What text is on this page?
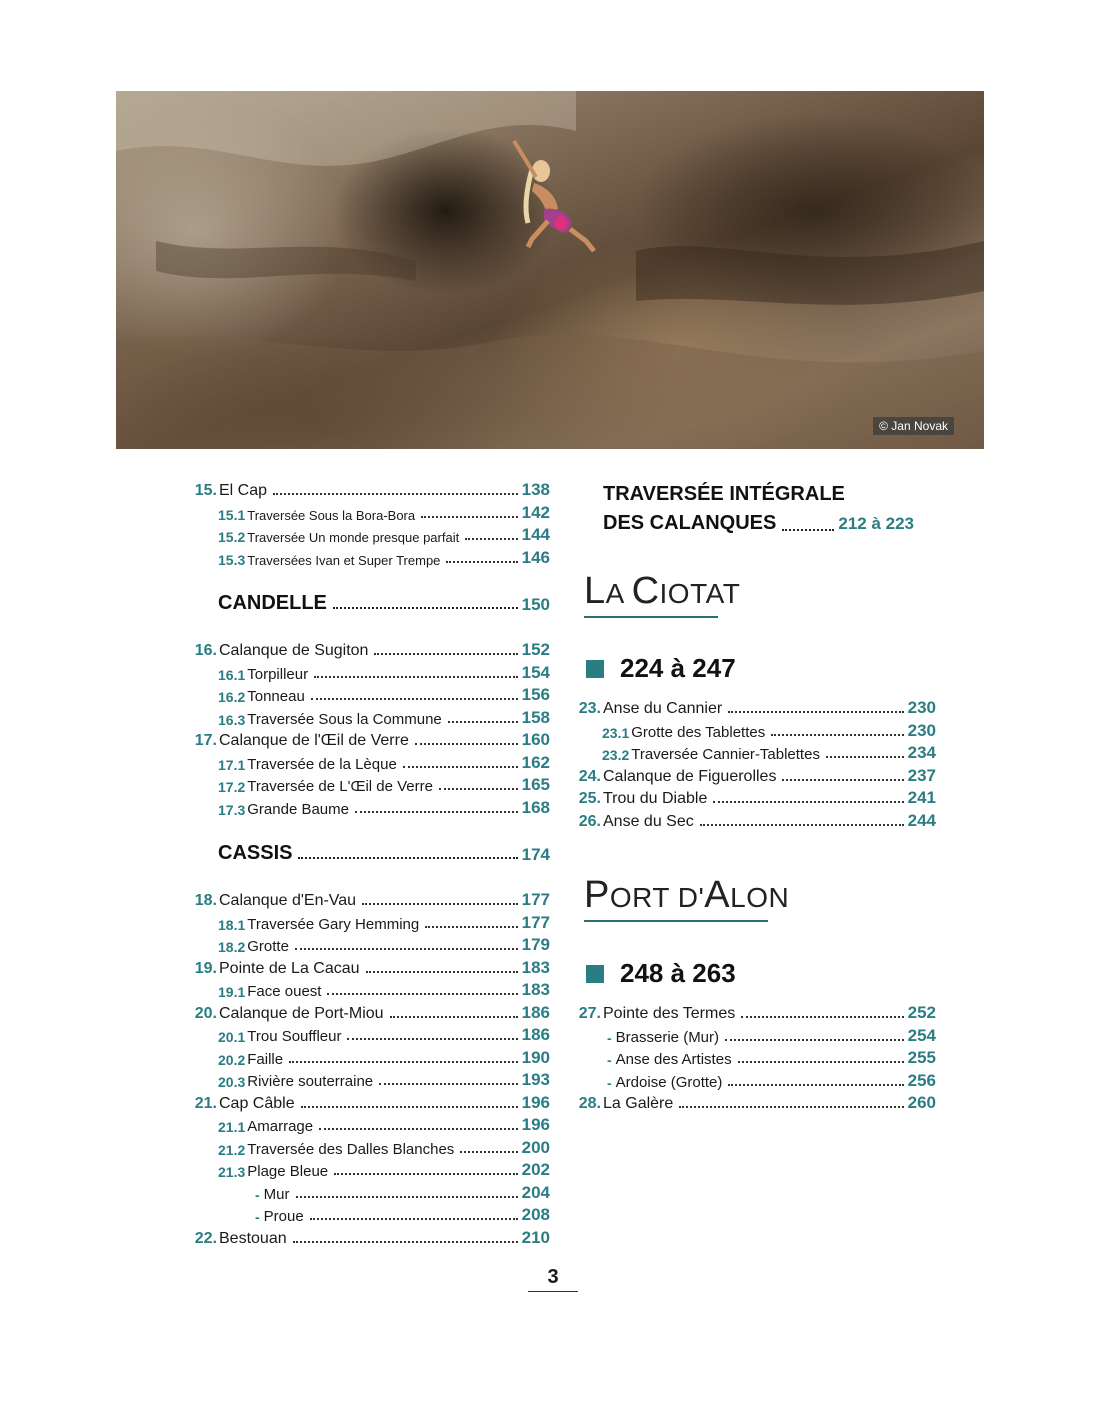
© Jan Novak
15. El Cap	138
15.1 Traversée Sous la Bora-Bora	142
15.2 Traversée Un monde presque parfait	144
15.3 Traversées Ivan et Super Trempe	146
CANDELLE	150
16. Calanque de Sugiton	152
16.1 Torpilleur	154
16.2 Tonneau	156
16.3 Traversée Sous la Commune	158
17. Calanque de l'Œil de Verre	160
17.1 Traversée de la Lèque	162
17.2 Traversée de L'Œil de Verre	165
17.3 Grande Baume	168
CASSIS	174
18. Calanque d'En-Vau	177
18.1 Traversée Gary Hemming	177
18.2 Grotte	179
19. Pointe de La Cacau	183
19.1 Face ouest	183
20. Calanque de Port-Miou	186
20.1 Trou Souffleur	186
20.2 Faille	190
20.3 Rivière souterraine	193
21. Cap Câble	196
21.1 Amarrage	196
21.2 Traversée des Dalles Blanches	200
21.3 Plage Bleue	202
- Mur	204
- Proue	208
22. Bestouan	210
TRAVERSÉE INTÉGRALE
DES CALANQUES	212 à 223
LA CIOTAT
224 à 247
23. Anse du Cannier	230
23.1 Grotte des Tablettes	230
23.2 Traversée Cannier-Tablettes	234
24. Calanque de Figuerolles	237
25. Trou du Diable	241
26. Anse du Sec	244
PORT D'ALON
248 à 263
27. Pointe des Termes	252
- Brasserie (Mur)	254
- Anse des Artistes	255
- Ardoise (Grotte)	256
28. La Galère	260
3
